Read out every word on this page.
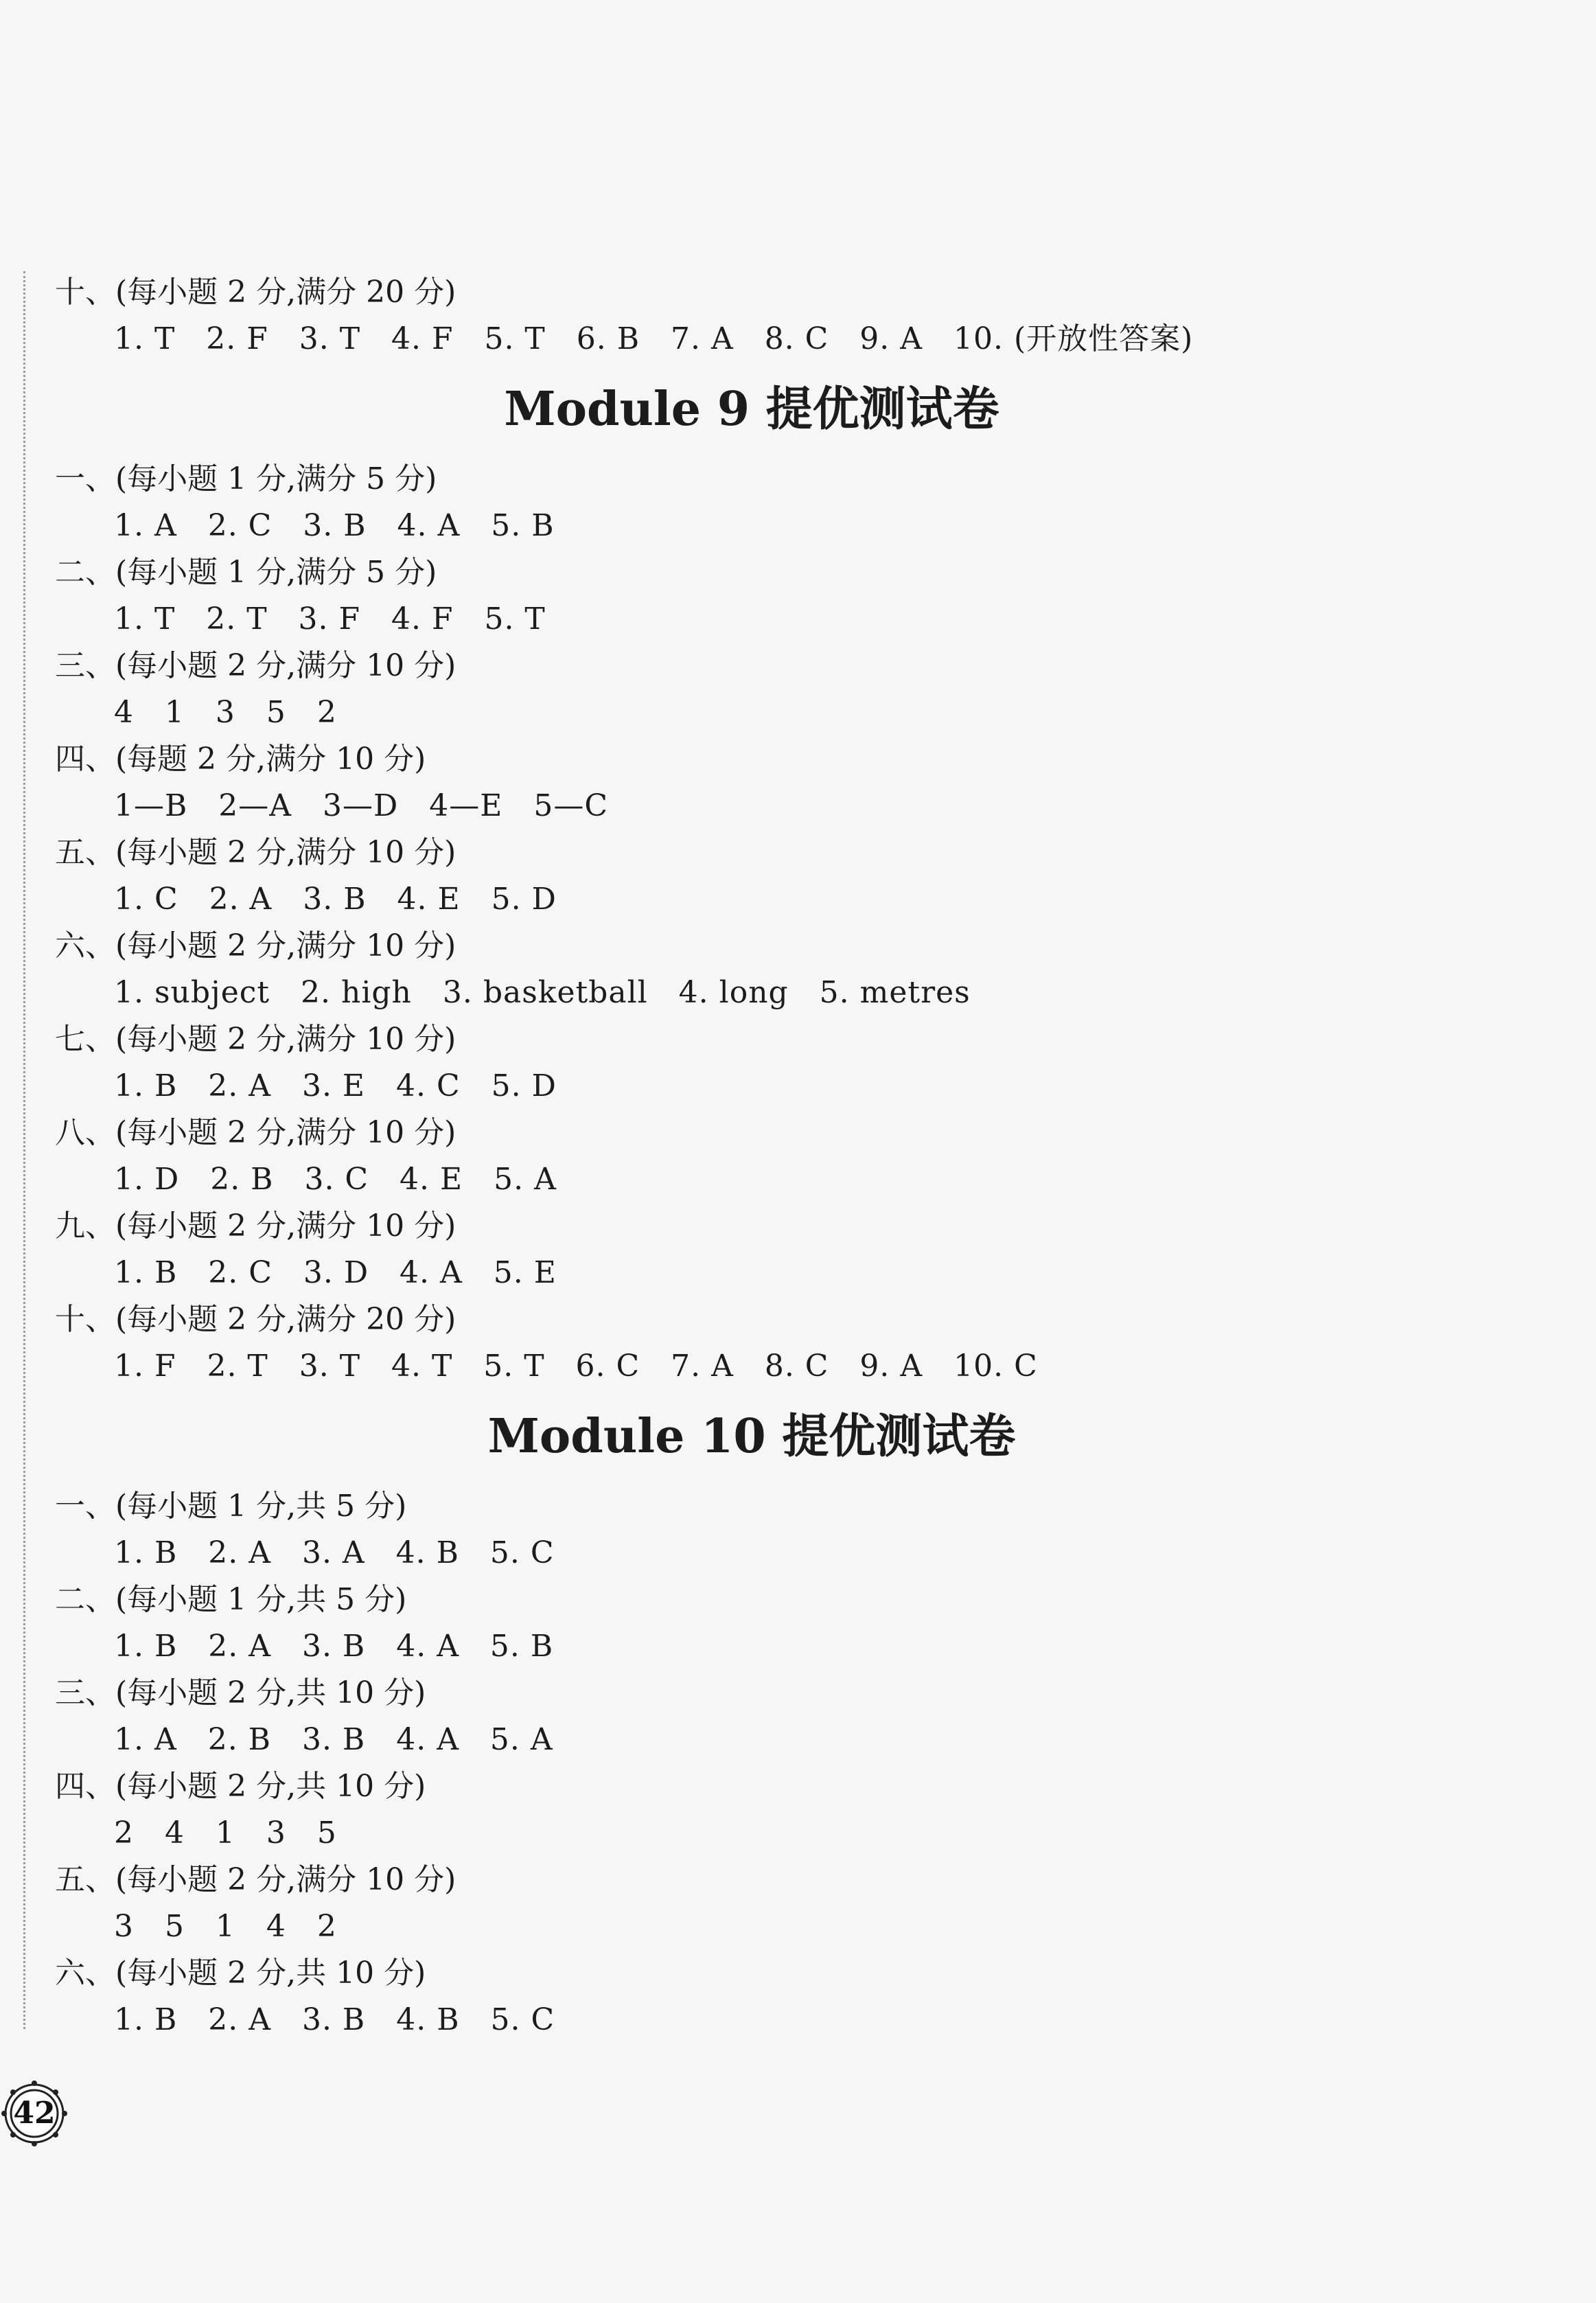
十、(每小题 2 分,满分 20 分)
1. T   2. F   3. T   4. F   5. T   6. B   7. A   8. C   9. A   10. (开放性答案)
Module 9 提优测试卷
一、(每小题 1 分,满分 5 分)
1. A   2. C   3. B   4. A   5. B
二、(每小题 1 分,满分 5 分)
1. T   2. T   3. F   4. F   5. T
三、(每小题 2 分,满分 10 分)
4   1   3   5   2
四、(每题 2 分,满分 10 分)
1—B   2—A   3—D   4—E   5—C
五、(每小题 2 分,满分 10 分)
1. C   2. A   3. B   4. E   5. D
六、(每小题 2 分,满分 10 分)
1. subject   2. high   3. basketball   4. long   5. metres
七、(每小题 2 分,满分 10 分)
1. B   2. A   3. E   4. C   5. D
八、(每小题 2 分,满分 10 分)
1. D   2. B   3. C   4. E   5. A
九、(每小题 2 分,满分 10 分)
1. B   2. C   3. D   4. A   5. E
十、(每小题 2 分,满分 20 分)
1. F   2. T   3. T   4. T   5. T   6. C   7. A   8. C   9. A   10. C
Module 10 提优测试卷
一、(每小题 1 分,共 5 分)
1. B   2. A   3. A   4. B   5. C
二、(每小题 1 分,共 5 分)
1. B   2. A   3. B   4. A   5. B
三、(每小题 2 分,共 10 分)
1. A   2. B   3. B   4. A   5. A
四、(每小题 2 分,共 10 分)
2   4   1   3   5
五、(每小题 2 分,满分 10 分)
3   5   1   4   2
六、(每小题 2 分,共 10 分)
1. B   2. A   3. B   4. B   5. C
42
